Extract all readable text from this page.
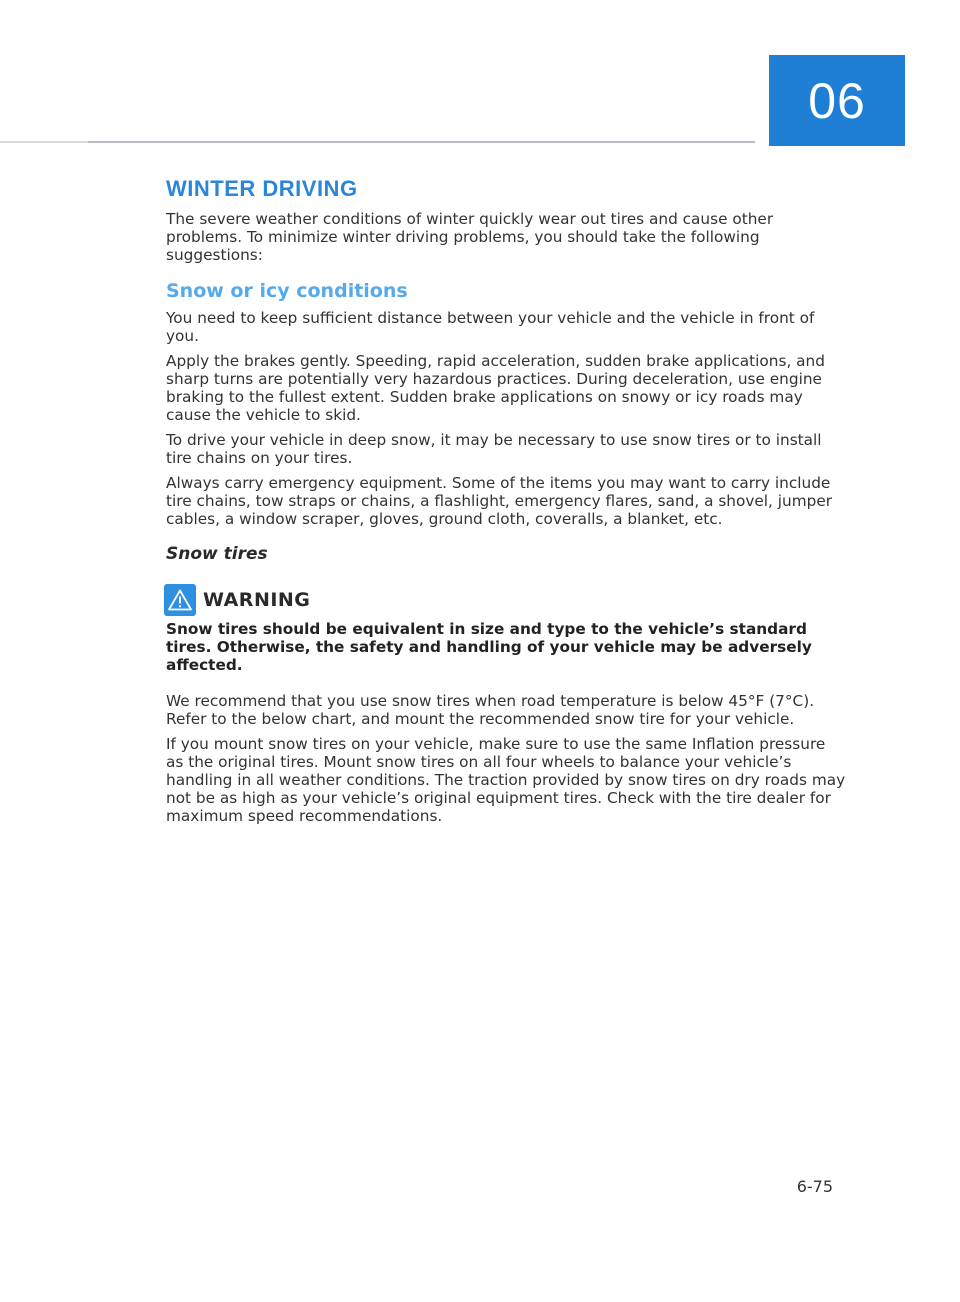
06
WINTER DRIVING

The severe weather conditions of winter quickly wear out tires and cause other problems. To minimize winter driving problems, you should take the following suggestions:

Snow or icy conditions

You need to keep sufficient distance between your vehicle and the vehicle in front of you.

Apply the brakes gently. Speeding, rapid acceleration, sudden brake applications, and sharp turns are potentially very hazardous practices. During deceleration, use engine braking to the fullest extent. Sudden brake applications on snowy or icy roads may cause the vehicle to skid.

To drive your vehicle in deep snow, it may be necessary to use snow tires or to install tire chains on your tires.

Always carry emergency equipment. Some of the items you may want to carry include tire chains, tow straps or chains, a flashlight, emergency flares, sand, a shovel, jumper cables, a window scraper, gloves, ground cloth, coveralls, a blanket, etc.

Snow tires
WARNING

Snow tires should be equivalent in size and type to the vehicle’s standard tires. Otherwise, the safety and handling of your vehicle may be adversely affected.

We recommend that you use snow tires when road temperature is below 45°F (7°C). Refer to the below chart, and mount the recommended snow tire for your vehicle.

If you mount snow tires on your vehicle, make sure to use the same Inflation pressure as the original tires. Mount snow tires on all four wheels to balance your vehicle’s handling in all weather conditions. The traction provided by snow tires on dry roads may not be as high as your vehicle’s original equipment tires. Check with the tire dealer for maximum speed recommendations.

6-75
